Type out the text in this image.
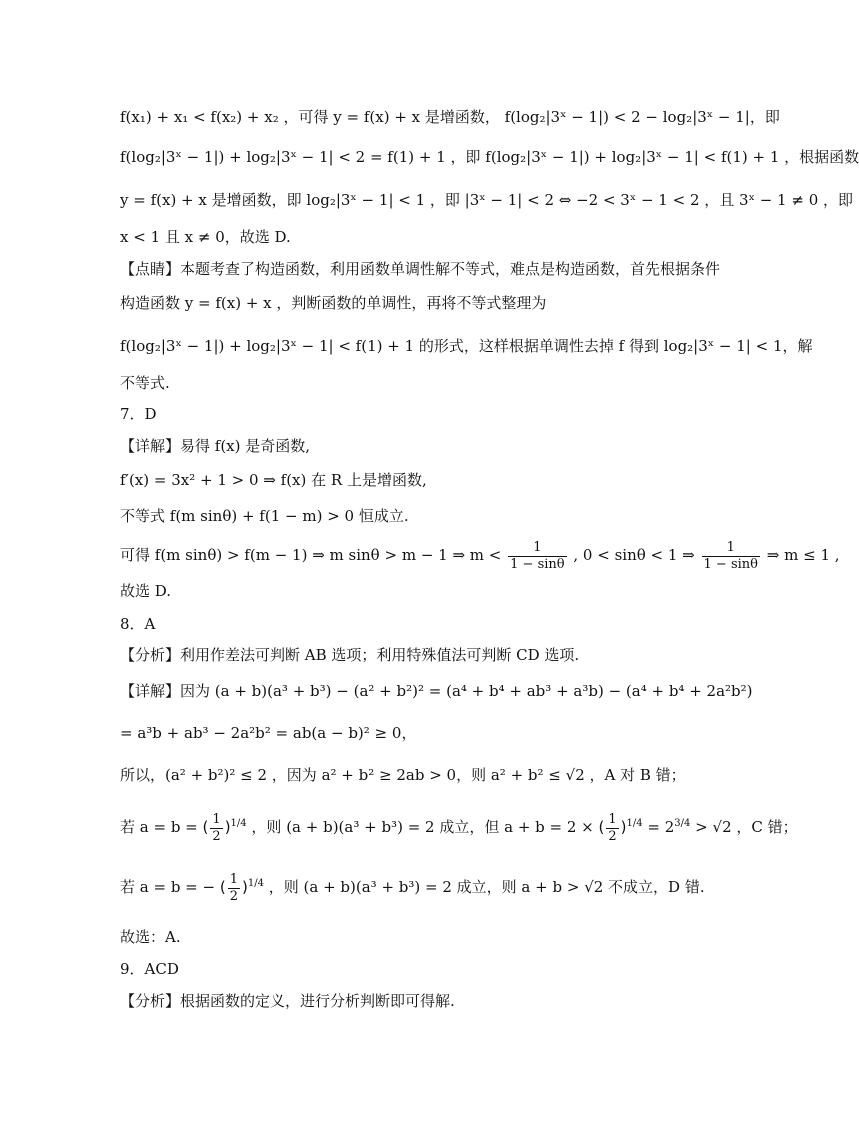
f(x₁) + x₁ < f(x₂) + x₂ ，可得 y = f(x) + x 是增函数， f(log₂|3ˣ − 1|) < 2 − log₂|3ˣ − 1|，即
f(log₂|3ˣ − 1|) + log₂|3ˣ − 1| < 2 = f(1) + 1 ，即 f(log₂|3ˣ − 1|) + log₂|3ˣ − 1| < f(1) + 1 ，根据函数
y = f(x) + x 是增函数，即 log₂|3ˣ − 1| < 1 ，即 |3ˣ − 1| < 2 ⇔ −2 < 3ˣ − 1 < 2 ，且 3ˣ − 1 ≠ 0 ，即
x < 1 且 x ≠ 0，故选 D.
【点睛】本题考查了构造函数，利用函数单调性解不等式，难点是构造函数，首先根据条件
构造函数 y = f(x) + x ，判断函数的单调性，再将不等式整理为
f(log₂|3ˣ − 1|) + log₂|3ˣ − 1| < f(1) + 1 的形式，这样根据单调性去掉 f 得到 log₂|3ˣ − 1| < 1，解
不等式.
7．D
【详解】易得 f(x) 是奇函数,
f′(x) = 3x² + 1 > 0 ⇒ f(x) 在 R 上是增函数,
不等式 f(m sinθ) + f(1 − m) > 0 恒成立.
可得 f(m sinθ) > f(m − 1) ⇒ m sinθ > m − 1 ⇒ $m < \frac{1}{1 - \sin\theta}$ , 0 < sinθ < 1 ⇒ $\frac{1}{1 - \sin\theta}$ ⇒ m ≤ 1 ,
故选 D.
8．A
【分析】利用作差法可判断 AB 选项；利用特殊值法可判断 CD 选项.
【详解】因为 (a + b)(a³ + b³) − (a² + b²)² = (a⁴ + b⁴ + ab³ + a³b) − (a⁴ + b⁴ + 2a²b²)
= a³b + ab³ − 2a²b² = ab(a − b)² ≥ 0，
所以，(a² + b²)² ≤ 2 ，因为 a² + b² ≥ 2ab > 0，则 a² + b² ≤ √2 ，A 对 B 错；
若 a = b = ( $\frac{1}{2} )^{1/4}$ ，则 (a + b)(a³ + b³) = 2 成立，但 a + b = 2 × ( $\frac{1}{2} )^{1/4} = 2^{3/4} > √2$ ，C 错；
若 a = b = − ( $\frac{1}{2} )^{1/4}$ ，则 (a + b)(a³ + b³) = 2 成立，则 a + b > √2 不成立，D 错.
故选：A.
9．ACD
【分析】根据函数的定义，进行分析判断即可得解.
